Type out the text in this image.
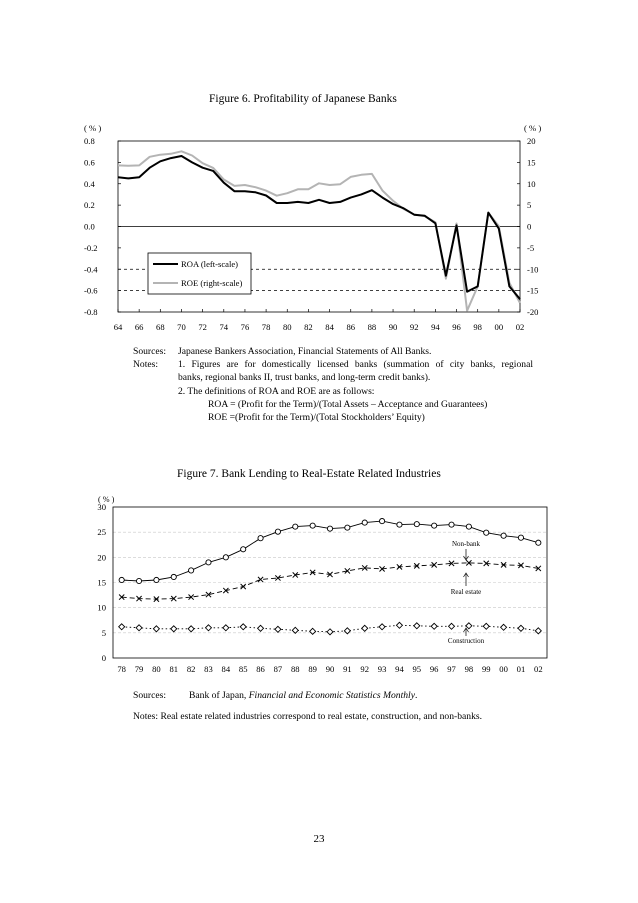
Figure 6. Profitability of Japanese Banks
0.8
0.6
0.4
0.2
0.0
-0.2
-0.4
-0.6
-0.8
20
15
10
5
0
-5
-10
-15
-20
( % )	( % )
64 66 68 70 72 74 76 78 80 82 84 86 88 90 92 94 96 98 00 02
ROA (left-scale)
ROE (right-scale)
Sources:	Japanese Bankers Association, Financial Statements of All Banks.
Notes:	1. Figures are for domestically licensed banks (summation of city banks, regional
banks, regional banks II, trust banks, and long-term credit banks).
2. The definitions of ROA and ROE are as follows:
ROA = (Profit for the Term)/(Total Assets – Acceptance and Guarantees)
ROE =(Profit for the Term)/(Total Stockholders’ Equity)
Figure 7. Bank Lending to Real-Estate Related Industries
30
25
20
15
10
5
0
( % )
78 79 80 81 82 83 84 85 86 87 88 89 90 91 92 93 94 95 96 97 98 99 00 01 02
Non-bank
Real estate
Construction
Sources: Bank of Japan, Financial and Economic Statistics Monthly.
Notes: Real estate related industries correspond to real estate, construction, and non-banks.
23
